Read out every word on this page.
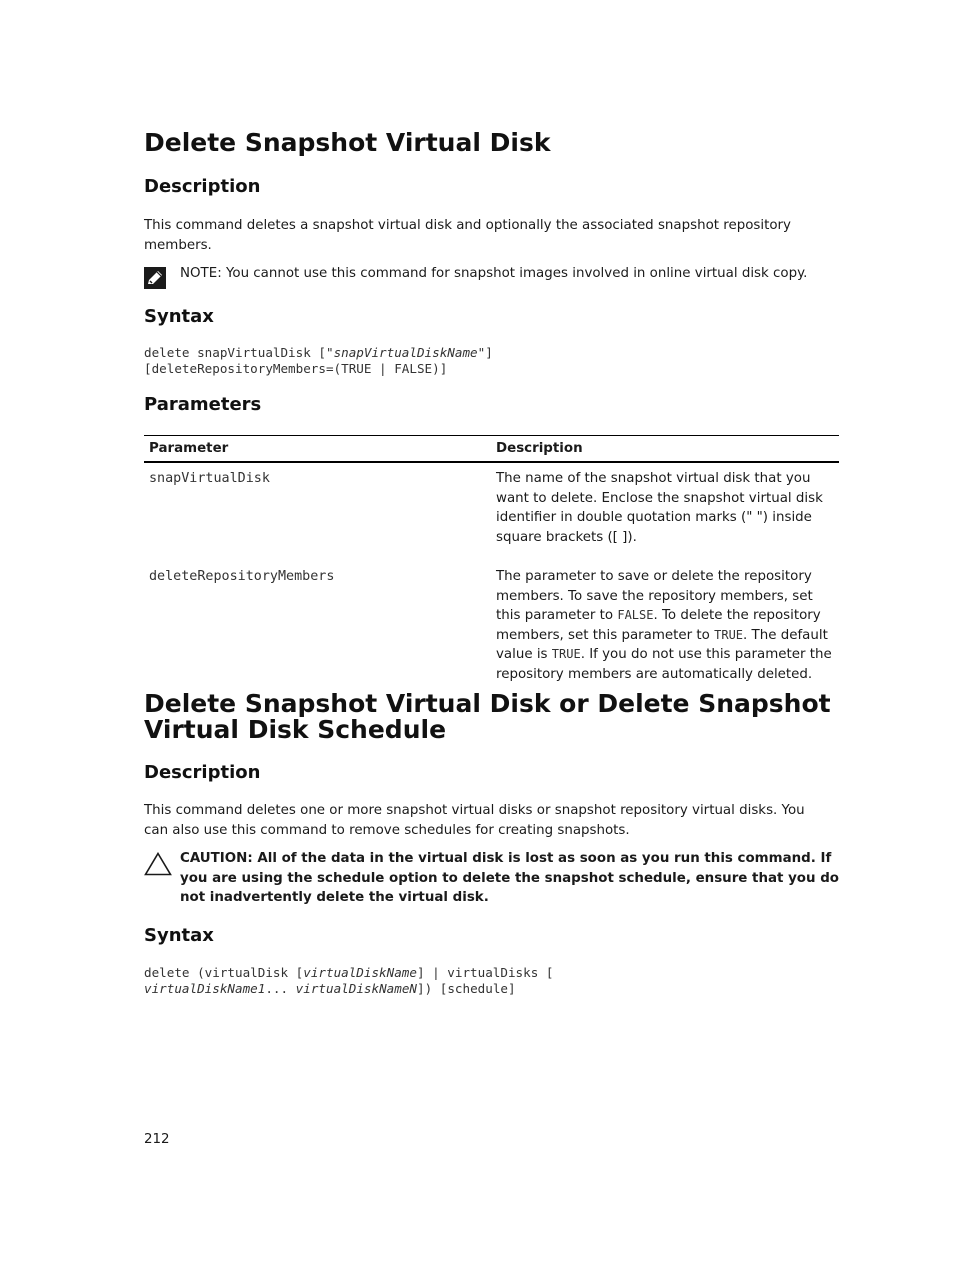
Delete Snapshot Virtual Disk
Description

This command deletes a snapshot virtual disk and optionally the associated snapshot repository members.

NOTE: You cannot use this command for snapshot images involved in online virtual disk copy.
Syntax
delete snapVirtualDisk ["snapVirtualDiskName"]
[deleteRepositoryMembers=(TRUE | FALSE)]
Parameters
Parameter	Description
snapVirtualDisk	The name of the snapshot virtual disk that you want to delete. Enclose the snapshot virtual disk identifier in double quotation marks (" ") inside square brackets ([ ]).
deleteRepositoryMembers	The parameter to save or delete the repository members. To save the repository members, set this parameter to FALSE. To delete the repository members, set this parameter to TRUE. The default value is TRUE. If you do not use this parameter the repository members are automatically deleted.
Delete Snapshot Virtual Disk or Delete Snapshot Virtual Disk Schedule
Description

This command deletes one or more snapshot virtual disks or snapshot repository virtual disks. You can also use this command to remove schedules for creating snapshots.

CAUTION: All of the data in the virtual disk is lost as soon as you run this command. If you are using the schedule option to delete the snapshot schedule, ensure that you do not inadvertently delete the virtual disk.
Syntax
delete (virtualDisk [virtualDiskName] | virtualDisks [
virtualDiskName1... virtualDiskNameN]) [schedule]
212
